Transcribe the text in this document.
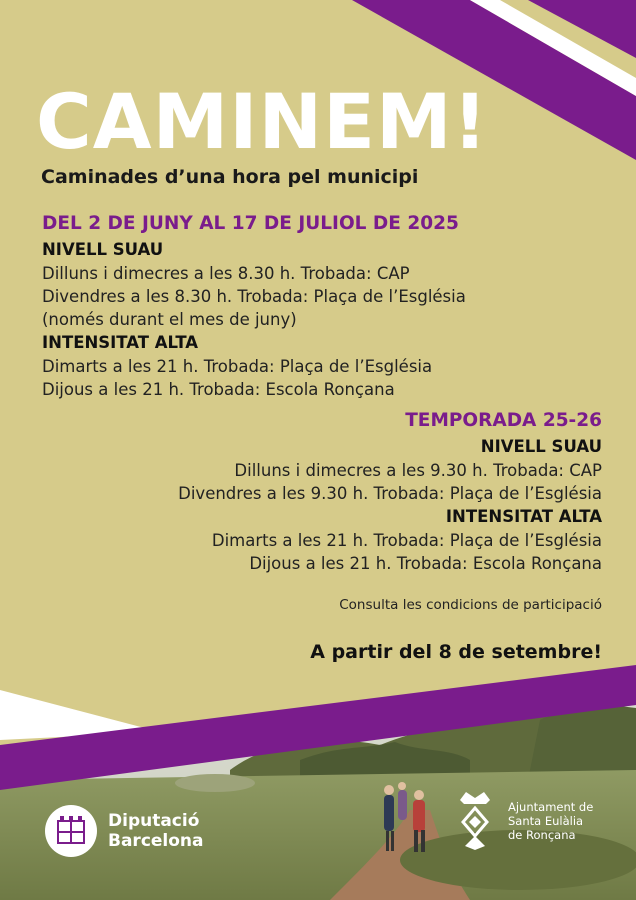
CAMINEM!
Caminades d’una hora pel municipi
DEL 2 DE JUNY AL 17 DE JULIOL DE 2025
NIVELL SUAU
Dilluns i dimecres a les 8.30 h. Trobada: CAP
Divendres a les 8.30 h. Trobada: Plaça de l’Església
(només durant el mes de juny)
INTENSITAT ALTA
Dimarts a les 21 h. Trobada: Plaça de l’Església
Dijous a les 21 h. Trobada: Escola Ronçana
TEMPORADA 25-26
NIVELL SUAU
Dilluns i dimecres a les 9.30 h. Trobada: CAP
Divendres a les 9.30 h. Trobada: Plaça de l’Església
INTENSITAT ALTA
Dimarts a les 21 h. Trobada: Plaça de l’Església
Dijous a les 21 h. Trobada: Escola Ronçana
Consulta les condicions de participació
A partir del 8 de setembre!
Diputació
Barcelona
Ajuntament de
Santa Eulàlia
de Ronçana
